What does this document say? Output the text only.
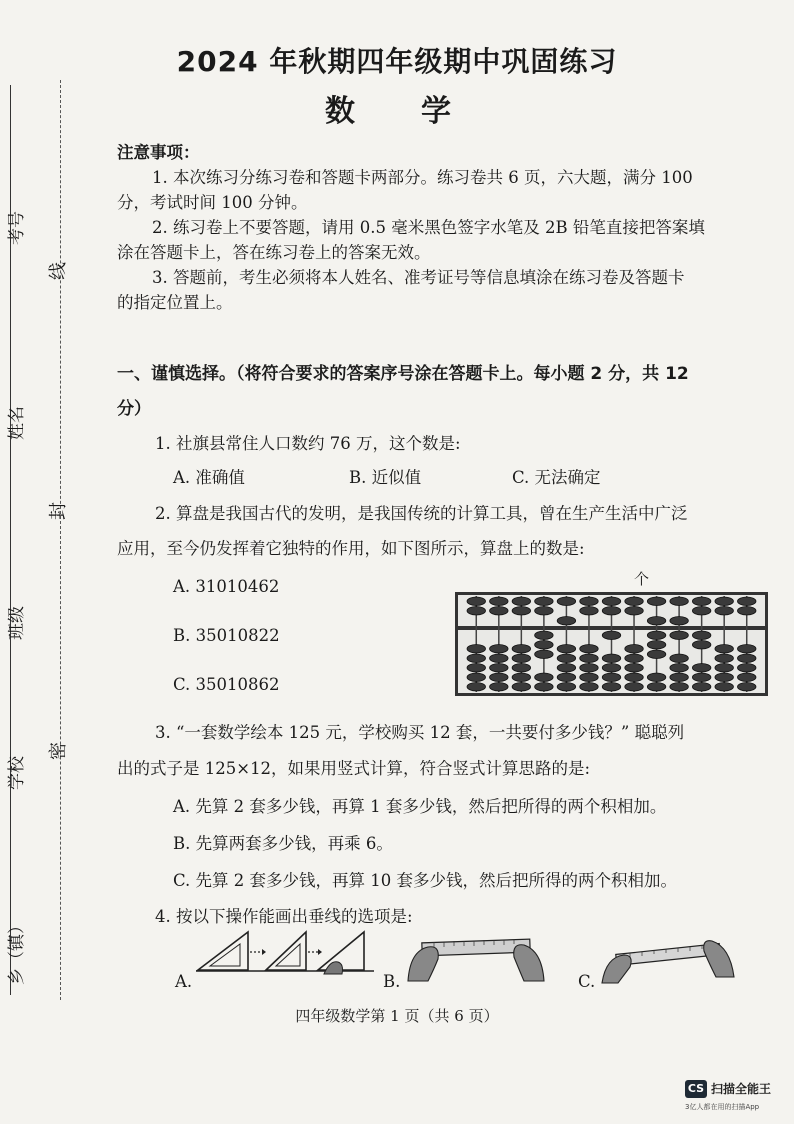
乡（镇）
学校
班级
姓名
考号
密
封
线
2024 年秋期四年级期中巩固练习
数　学
注意事项：
1. 本次练习分练习卷和答题卡两部分。练习卷共 6 页，六大题，满分 100
分，考试时间 100 分钟。
2. 练习卷上不要答题，请用 0.5 毫米黑色签字水笔及 2B 铅笔直接把答案填
涂在答题卡上，答在练习卷上的答案无效。
3. 答题前，考生必须将本人姓名、准考证号等信息填涂在练习卷及答题卡
的指定位置上。
一、谨慎选择。（将符合要求的答案序号涂在答题卡上。每小题 2 分，共 12
分）
1. 社旗县常住人口数约 76 万，这个数是:
A. 准确值	B. 近似值	C. 无法确定
2. 算盘是我国古代的发明，是我国传统的计算工具，曾在生产生活中广泛
应用，至今仍发挥着它独特的作用，如下图所示，算盘上的数是:
A. 31010462
B. 35010822
C. 35010862
个
3. “一套数学绘本 125 元，学校购买 12 套，一共要付多少钱？” 聪聪列
出的式子是 125×12，如果用竖式计算，符合竖式计算思路的是:
A. 先算 2 套多少钱，再算 1 套多少钱，然后把所得的两个积相加。
B. 先算两套多少钱，再乘 6。
C. 先算 2 套多少钱，再算 10 套多少钱，然后把所得的两个积相加。
4. 按以下操作能画出垂线的选项是:
A.	B.	C.
四年级数学第 1 页（共 6 页）
CS 扫描全能王
3亿人都在用的扫描App
